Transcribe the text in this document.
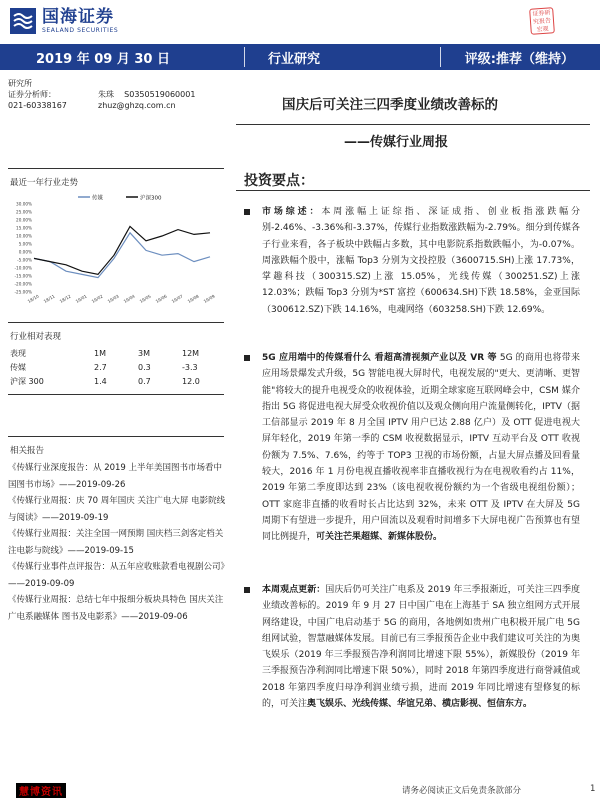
国海证券
SEALAND SECURITIES
证券研究报告
宏观
2019 年 09 月 30 日	行业研究	评级:推荐（维持）
研究所
证券分析师：	朱珠 S0350519060001
021-60338167	zhuz@ghzq.com.cn	国庆后可关注三四季度业绩改善标的
——传媒行业周报
最近一年行业走势
传媒	沪深300
30.00%
25.00%
20.00%
15.00%
10.00%
5.00%
0.00%
-5.00%
-10.00%
-15.00%
-20.00%
-25.00%
18/10 18/11 18/12 19/01 19/02 19/03 19/04 19/05 19/06 19/07 19/08 19/09
行业相对表现
表现	1M	3M	12M
传媒	2.7	0.3	-3.3
沪深 300	1.4	0.7	12.0
相关报告
《传媒行业深度报告：从 2019 上半年美国图书市场看中国图书市场》——2019-09-26
《传媒行业周报：庆 70 周年国庆 关注广电大屏 电影院线与阅读》——2019-09-19
《传媒行业周报：关注全国一网预期 国庆档三剑客定档关注电影与院线》——2019-09-15
《传媒行业事件点评报告：从五年应收账款看电视剧公司》——2019-09-09
《传媒行业周报：总结七年中报细分板块具特色 国庆关注广电系融媒体 图书及电影系》——2019-09-06
投资要点：
市场综述：本周涨幅上证综指、深证成指、创业板指涨跌幅分别-2.46%、-3.36%和-3.37%，传媒行业指数涨跌幅为-2.79%。细分到传媒各子行业来看，各子板块中跌幅占多数，其中电影院系指数跌幅小，为-0.07%。周涨跌幅个股中，涨幅 Top3 分别为文投控股（3600715.SH)上涨 17.73%，掌趣科技（300315.SZ)上涨 15.05%，光线传媒（300251.SZ)上涨 12.03%；跌幅 Top3 分别为*ST 富控（600634.SH)下跌 18.58%，金亚国际（300612.SZ)下跌 14.16%，电魂网络（603258.SH)下跌 12.69%。
5G 应用端中的传媒看什么 看超高清视频产业以及 VR 等 5G 的商用也将带来应用场景爆发式升级，5G 智能电视大屏时代，电视发展的"更大、更清晰、更智能"将较大的提升电视受众的收视体验，近期全球家庭互联网峰会中，CSM 媒介指出 5G 将促进电视大屏受众收视价值以及观众侧向用户流量侧转化，IPTV（据工信部显示 2019 年 8 月全国 IPTV 用户已达 2.88 亿户）及 OTT 促进电视大屏年轻化，2019 年第一季的 CSM 收视数据显示，IPTV 互动平台及 OTT 收视份额为 7.5%、7.6%，约等于 TOP3 卫视的市场份额，占显大屏点播及回看量较大，2016 年 1 月份电视直播收视率非直播收视行为在电视收看约占 11%，2019 年第二季度即达到 23%（该电视收视份额约为一个省级电视组份额）；OTT 家庭非直播的收看时长占比达到 32%，未来 OTT 及 IPTV 在大屏及 5G 周期下有望进一步提升，用户回流以及观看时间增多下大屏电视广告预算也有望同比例提升，可关注芒果超媒、新媒体股份。
本周观点更新：国庆后仍可关注广电系及 2019 年三季报渐近，可关注三四季度业绩改善标的。2019 年 9 月 27 日中国广电在上海基于 SA 独立组网方式开展网络建设，中国广电启动基于 5G 的商用，各地例如贵州广电积极开展广电 5G 组网试验，智慧融媒体发展。目前已有三季报预告企业中我们建议可关注的为奥飞娱乐（2019 年三季报预告净利润同比增速下限 55%），新媒股份（2019 年三季报预告净利润同比增速下限 50%），同时 2018 年第四季度进行商誉减值或 2018 年第四季度归母净利润业绩亏损，进而 2019 年同比增速有望修复的标的，可关注奥飞娱乐、光线传媒、华谊兄弟、横店影视、恒信东方。
慧博资讯	请务必阅读正文后免责条款部分	1
